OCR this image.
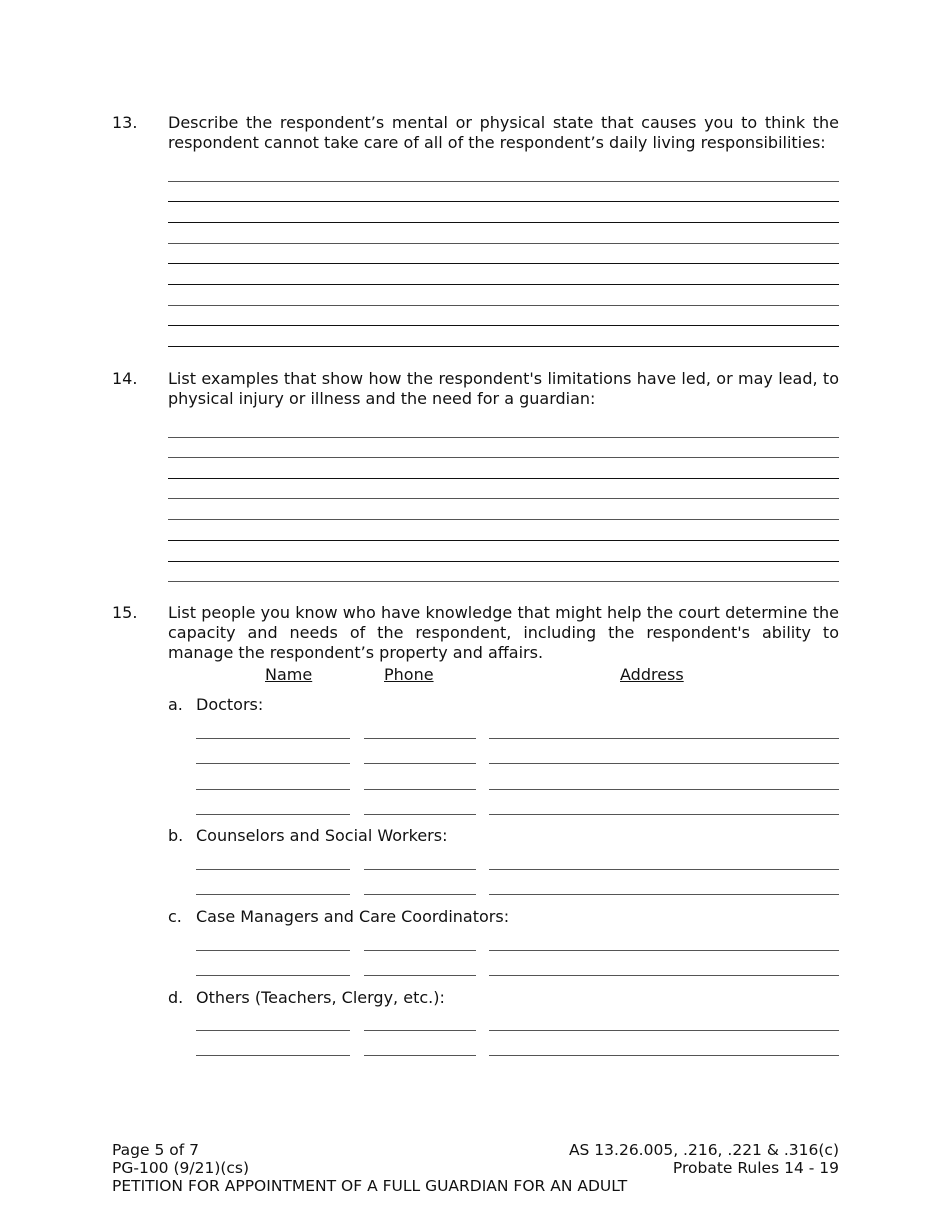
13. Describe the respondent’s mental or physical state that causes you to think the respondent cannot take care of all of the respondent’s daily living responsibilities:
14. List examples that show how the respondent's limitations have led, or may lead, to physical injury or illness and the need for a guardian:
15. List people you know who have knowledge that might help the court determine the capacity and needs of the respondent, including the respondent's ability to manage the respondent’s property and affairs.
Name	Phone	Address
a. Doctors:
b. Counselors and Social Workers:
c. Case Managers and Care Coordinators:
d. Others (Teachers, Clergy, etc.):
Page 5 of 7
PG-100 (9/21)(cs)
PETITION FOR APPOINTMENT OF A FULL GUARDIAN FOR AN ADULT
AS 13.26.005, .216, .221 & .316(c)
Probate Rules 14 - 19
